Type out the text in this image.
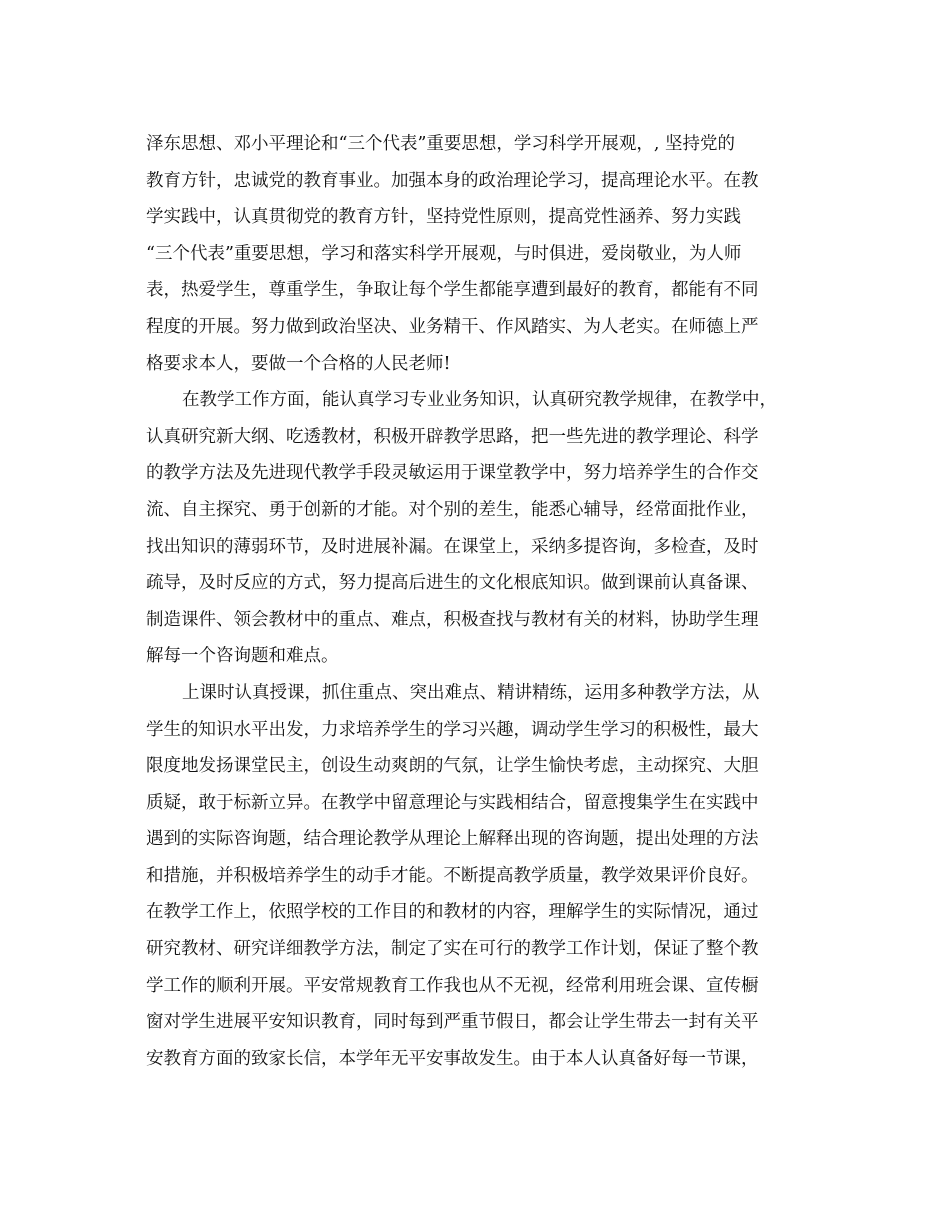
泽东思想、邓小平理论和“三个代表”重要思想，学习科学开展观，, 坚持党的
教育方针，忠诚党的教育事业。加强本身的政治理论学习，提高理论水平。在教
学实践中，认真贯彻党的教育方针，坚持党性原则，提高党性涵养、努力实践
“三个代表”重要思想，学习和落实科学开展观，与时俱进，爱岗敬业，为人师
表，热爱学生，尊重学生，争取让每个学生都能享遭到最好的教育，都能有不同
程度的开展。努力做到政治坚决、业务精干、作风踏实、为人老实。在师德上严
格要求本人，要做一个合格的人民老师!
在教学工作方面，能认真学习专业业务知识，认真研究教学规律，在教学中，
认真研究新大纲、吃透教材，积极开辟教学思路，把一些先进的教学理论、科学
的教学方法及先进现代教学手段灵敏运用于课堂教学中，努力培养学生的合作交
流、自主探究、勇于创新的才能。对个别的差生，能悉心辅导，经常面批作业，
找出知识的薄弱环节，及时进展补漏。在课堂上，采纳多提咨询，多检查，及时
疏导，及时反应的方式，努力提高后进生的文化根底知识。做到课前认真备课、
制造课件、领会教材中的重点、难点，积极查找与教材有关的材料，协助学生理
解每一个咨询题和难点。
上课时认真授课，抓住重点、突出难点、精讲精练，运用多种教学方法，从
学生的知识水平出发，力求培养学生的学习兴趣，调动学生学习的积极性，最大
限度地发扬课堂民主，创设生动爽朗的气氛，让学生愉快考虑，主动探究、大胆
质疑，敢于标新立异。在教学中留意理论与实践相结合，留意搜集学生在实践中
遇到的实际咨询题，结合理论教学从理论上解释出现的咨询题，提出处理的方法
和措施，并积极培养学生的动手才能。不断提高教学质量，教学效果评价良好。
在教学工作上，依照学校的工作目的和教材的内容，理解学生的实际情况，通过
研究教材、研究详细教学方法，制定了实在可行的教学工作计划，保证了整个教
学工作的顺利开展。平安常规教育工作我也从不无视，经常利用班会课、宣传橱
窗对学生进展平安知识教育，同时每到严重节假日，都会让学生带去一封有关平
安教育方面的致家长信，本学年无平安事故发生。由于本人认真备好每一节课，
